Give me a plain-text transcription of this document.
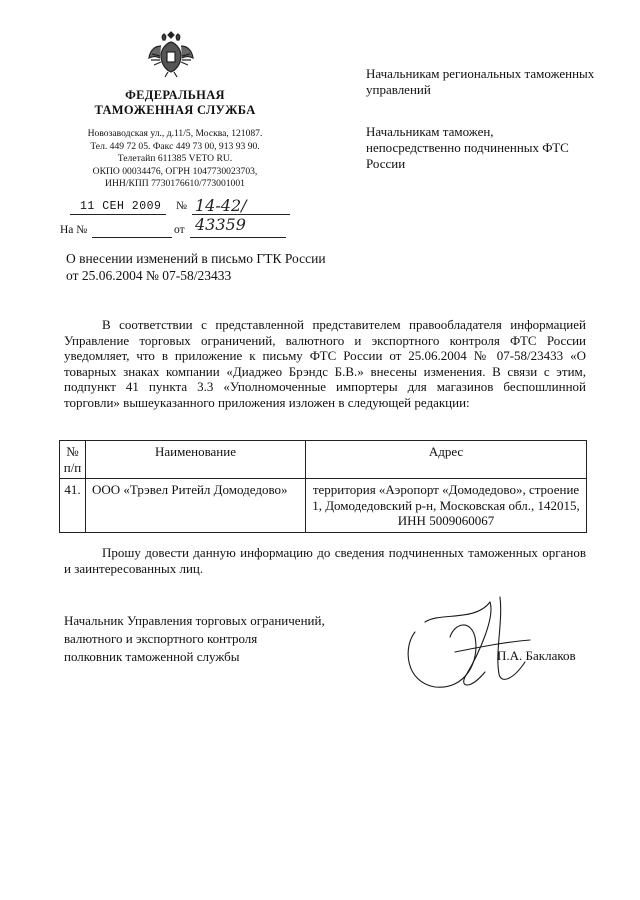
ФЕДЕРАЛЬНАЯ
ТАМОЖЕННАЯ СЛУЖБА
Новозаводская ул., д.11/5, Москва, 121087.
Тел. 449 72 05. Факс 449 73 00, 913 93 90.
Телетайп 611385 VETO RU.
ОКПО 00034476, ОГРН 1047730023703,
ИНН/КПП 7730176610/773001001
11 СЕН 2009 № 14-42/ 43359
На №	от
Начальникам региональных таможенных управлений
Начальникам таможен, непосредственно подчиненных ФТС России
О внесении изменений в письмо ГТК России от 25.06.2004 № 07-58/23433
В соответствии с представленной представителем правообладателя информацией Управление торговых ограничений, валютного и экспортного контроля ФТС России уведомляет, что в приложение к письму ФТС России от 25.06.2004 № 07-58/23433 «О товарных знаках компании «Диаджео Брэндс Б.В.» внесены изменения. В связи с этим, подпункт 41 пункта 3.3 «Уполномоченные импортеры для магазинов беспошлинной торговли» вышеуказанного приложения изложен в следующей редакции:
№ п/п	Наименование	Адрес
41.	ООО «Трэвел Ритейл Домодедово»	территория «Аэропорт «Домодедово», строение 1, Домодедовский р-н, Московская обл., 142015, ИНН 5009060067
Прошу довести данную информацию до сведения подчиненных таможенных органов и заинтересованных лиц.
Начальник Управления торговых ограничений,
валютного и экспортного контроля
полковник таможенной службы	П.А. Баклаков
